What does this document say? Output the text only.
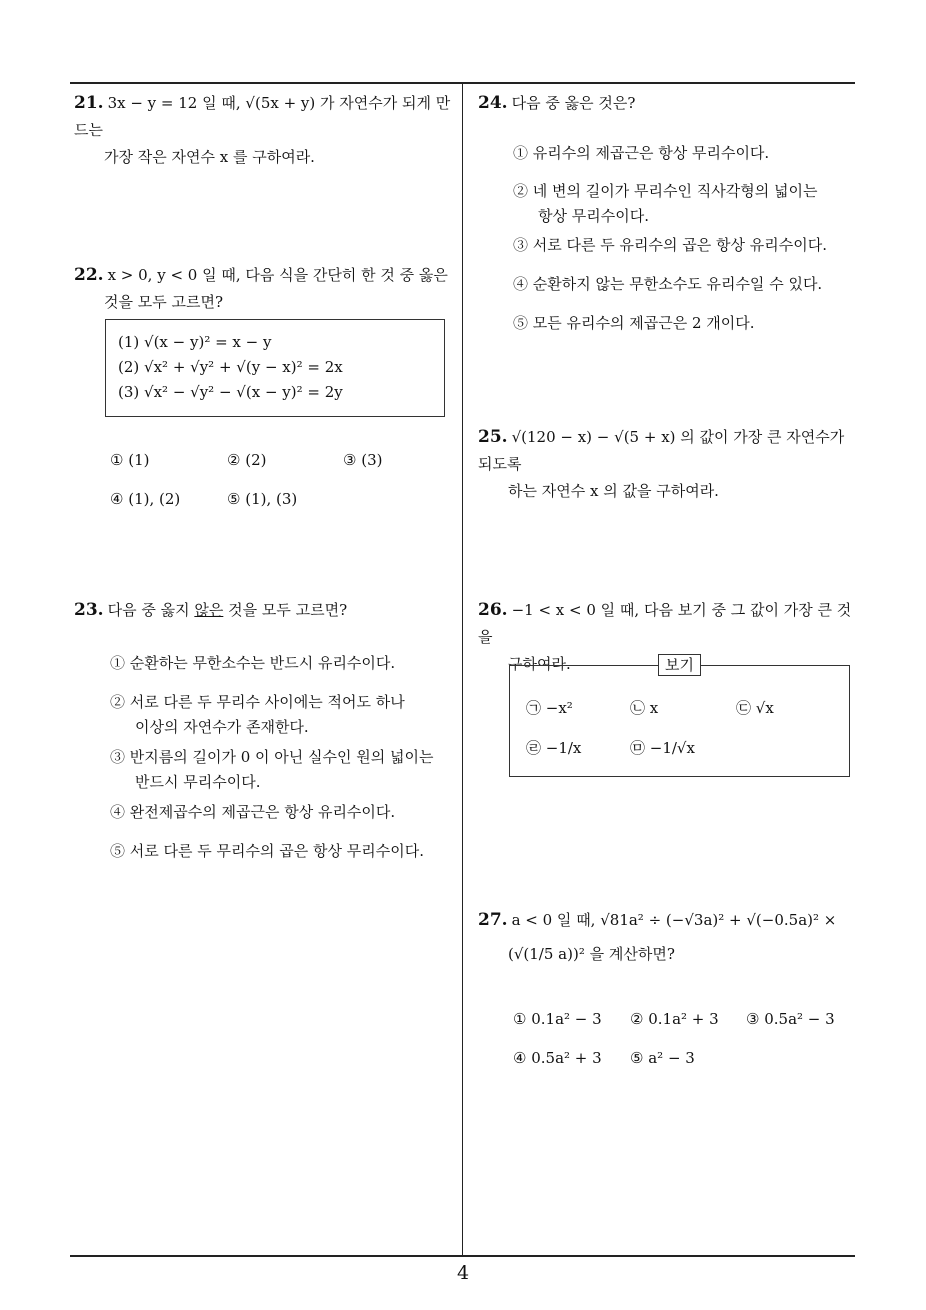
21. 3x − y = 12 일 때, √(5x + y) 가 자연수가 되게 만드는
가장 작은 자연수 x 를 구하여라.
22. x > 0, y < 0 일 때, 다음 식을 간단히 한 것 중 옳은
것을 모두 고르면?
(1) √(x − y)² = x − y
(2) √x² + √y² + √(y − x)² = 2x
(3) √x² − √y² − √(x − y)² = 2y
① (1)	② (2)	③ (3)
④ (1), (2)	⑤ (1), (3)
23. 다음 중 옳지 않은 것을 모두 고르면?
① 순환하는 무한소수는 반드시 유리수이다.
② 서로 다른 두 무리수 사이에는 적어도 하나
이상의 자연수가 존재한다.
③ 반지름의 길이가 0 이 아닌 실수인 원의 넓이는
반드시 무리수이다.
④ 완전제곱수의 제곱근은 항상 유리수이다.
⑤ 서로 다른 두 무리수의 곱은 항상 무리수이다.
24. 다음 중 옳은 것은?
① 유리수의 제곱근은 항상 무리수이다.
② 네 변의 길이가 무리수인 직사각형의 넓이는
항상 무리수이다.
③ 서로 다른 두 유리수의 곱은 항상 유리수이다.
④ 순환하지 않는 무한소수도 유리수일 수 있다.
⑤ 모든 유리수의 제곱근은 2 개이다.
25. √(120 − x) − √(5 + x) 의 값이 가장 큰 자연수가 되도록
하는 자연수 x 의 값을 구하여라.
26. −1 < x < 0 일 때, 다음 보기 중 그 값이 가장 큰 것을
구하여라.	보기
㉠ −x²	㉡ x	㉢ √x
㉣ −1/x	㉤ −1/√x
27. a < 0 일 때, √81a² ÷ (−√3a)² + √(−0.5a)² ×
(√(1/5 a))² 을 계산하면?
① 0.1a² − 3 ② 0.1a² + 3 ③ 0.5a² − 3
④ 0.5a² + 3 ⑤ a² − 3
4
